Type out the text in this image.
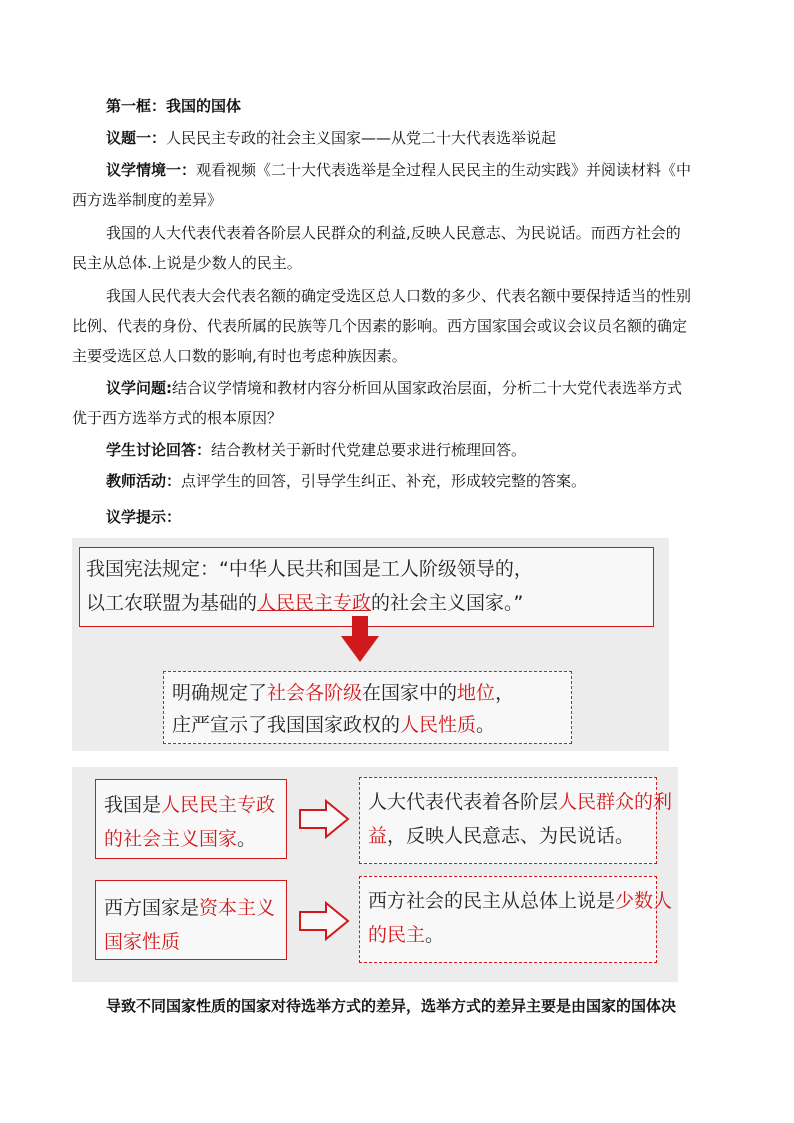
第一框：我国的国体
议题一：人民民主专政的社会主义国家——从党二十大代表选举说起
议学情境一：观看视频《二十大代表选举是全过程人民民主的生动实践》并阅读材料《中
西方选举制度的差异》
我国的人大代表代表着各阶层人民群众的利益,反映人民意志、为民说话。而西方社会的
民主从总体.上说是少数人的民主。
我国人民代表大会代表名额的确定受选区总人口数的多少、代表名额中要保持适当的性别
比例、代表的身份、代表所属的民族等几个因素的影响。西方国家国会或议会议员名额的确定
主要受选区总人口数的影响,有时也考虑种族因素。
议学问题:结合议学情境和教材内容分析回从国家政治层面，分析二十大党代表选举方式
优于西方选举方式的根本原因？
学生讨论回答：结合教材关于新时代党建总要求进行梳理回答。
教师活动：点评学生的回答，引导学生纠正、补充，形成较完整的答案。
议学提示：
我国宪法规定：“中华人民共和国是工人阶级领导的，
以工农联盟为基础的人民民主专政的社会主义国家。”
明确规定了社会各阶级在国家中的地位，
庄严宣示了我国国家政权的人民性质。
我国是人民民主专政
的社会主义国家。
人大代表代表着各阶层人民群众的利
益，反映人民意志、为民说话。
西方国家是资本主义
国家性质
西方社会的民主从总体上说是少数人
的民主。
导致不同国家性质的国家对待选举方式的差异，选举方式的差异主要是由国家的国体决
